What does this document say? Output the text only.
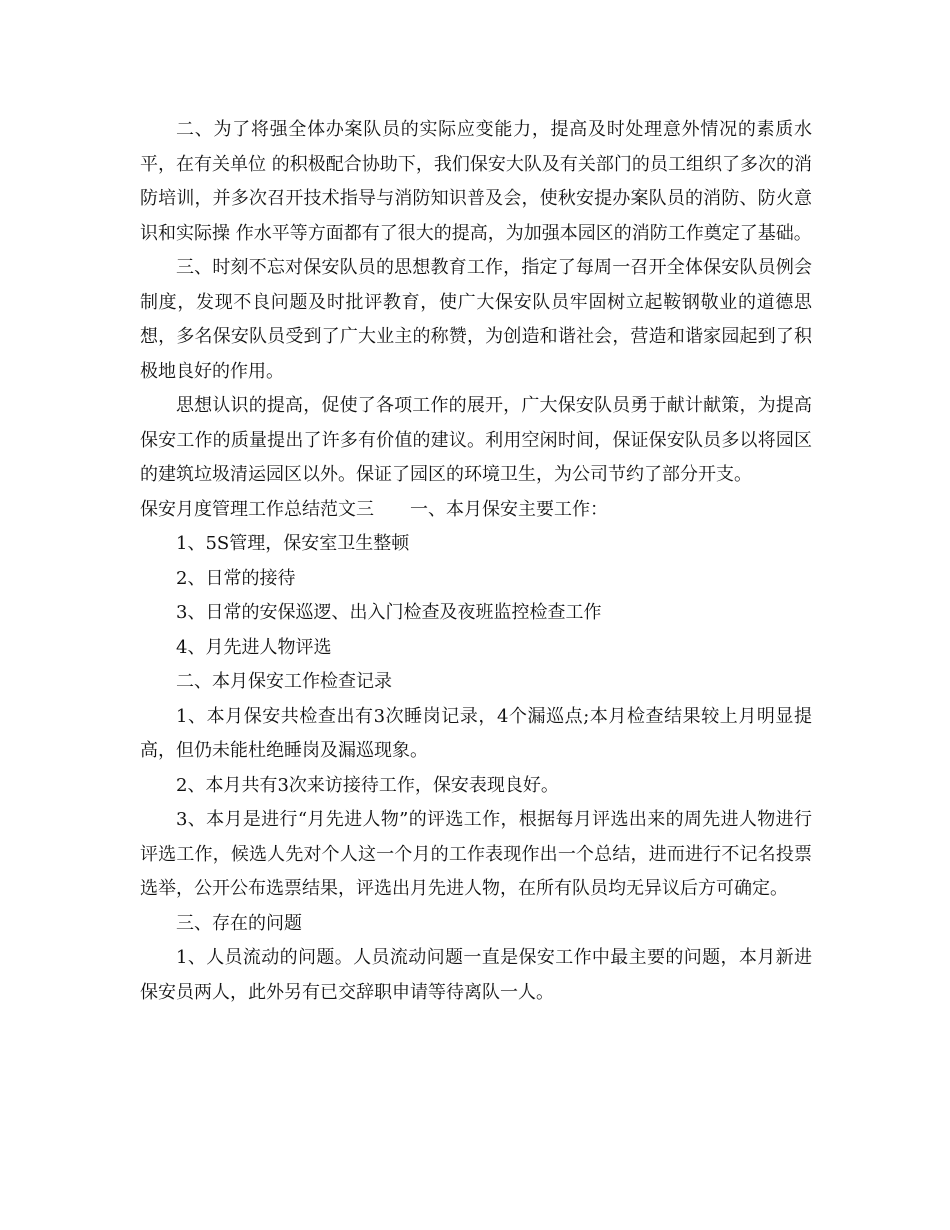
二、为了将强全体办案队员的实际应变能力，提高及时处理意外情况的素质水平，在有关单位 的积极配合协助下，我们保安大队及有关部门的员工组织了多次的消防培训，并多次召开技术指导与消防知识普及会，使秋安提办案队员的消防、防火意识和实际操 作水平等方面都有了很大的提高，为加强本园区的消防工作奠定了基础。

三、时刻不忘对保安队员的思想教育工作，指定了每周一召开全体保安队员例会制度，发现不良问题及时批评教育，使广大保安队员牢固树立起鞍钢敬业的道德思想，多名保安队员受到了广大业主的称赞，为创造和谐社会，营造和谐家园起到了积极地良好的作用。

思想认识的提高，促使了各项工作的展开，广大保安队员勇于献计献策，为提高保安工作的质量提出了许多有价值的建议。利用空闲时间，保证保安队员多以将园区的建筑垃圾清运园区以外。保证了园区的环境卫生，为公司节约了部分开支。

保安月度管理工作总结范文三　　一、本月保安主要工作：

1、5S管理，保安室卫生整顿

2、日常的接待

3、日常的安保巡逻、出入门检查及夜班监控检查工作

4、月先进人物评选

二、本月保安工作检查记录

1、本月保安共检查出有3次睡岗记录，4个漏巡点;本月检查结果较上月明显提高，但仍未能杜绝睡岗及漏巡现象。

2、本月共有3次来访接待工作，保安表现良好。

3、本月是进行“月先进人物”的评选工作，根据每月评选出来的周先进人物进行评选工作，候选人先对个人这一个月的工作表现作出一个总结，进而进行不记名投票选举，公开公布选票结果，评选出月先进人物，在所有队员均无异议后方可确定。

三、存在的问题

1、人员流动的问题。人员流动问题一直是保安工作中最主要的问题，本月新进保安员两人，此外另有已交辞职申请等待离队一人。
